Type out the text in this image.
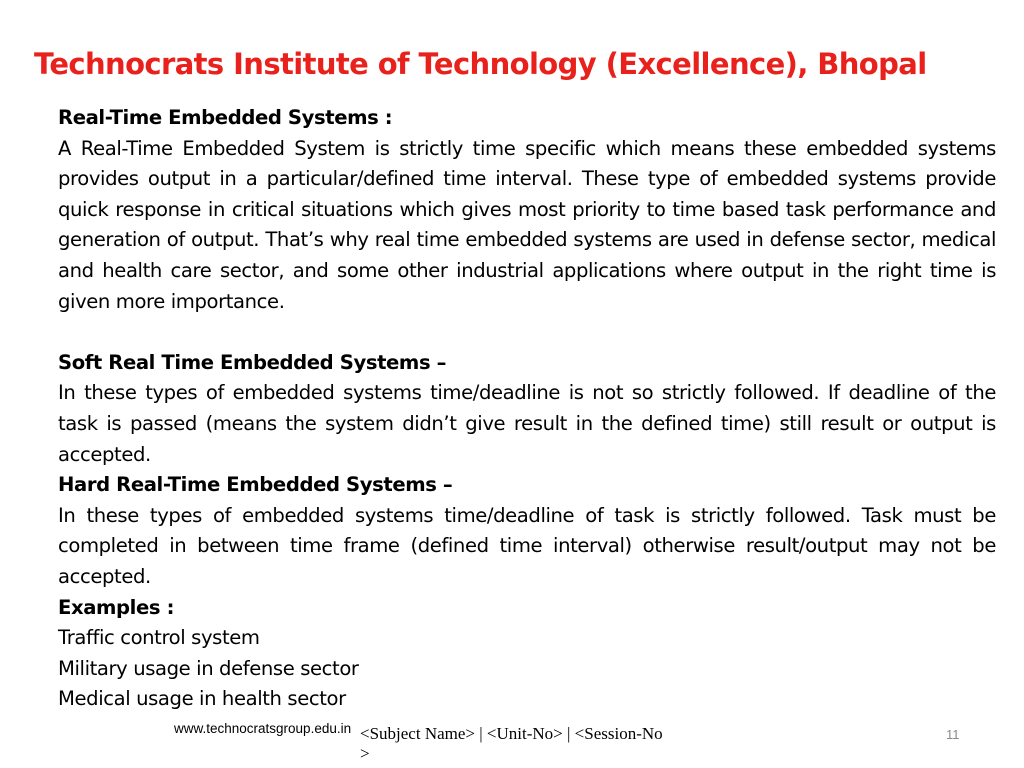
Technocrats Institute of Technology (Excellence), Bhopal

Real-Time Embedded Systems :

A Real-Time Embedded System is strictly time specific which means these embedded systems provides output in a particular/defined time interval. These type of embedded systems provide quick response in critical situations which gives most priority to time based task performance and generation of output. That’s why real time embedded systems are used in defense sector, medical and health care sector, and some other industrial applications where output in the right time is given more importance.

Soft Real Time Embedded Systems –

In these types of embedded systems time/deadline is not so strictly followed. If deadline of the task is passed (means the system didn’t give result in the defined time) still result or output is accepted.

Hard Real-Time Embedded Systems –

In these types of embedded systems time/deadline of task is strictly followed. Task must be completed in between time frame (defined time interval) otherwise result/output may not be accepted.

Examples :

Traffic control system

Military usage in defense sector

Medical usage in health sector

www.technocratsgroup.edu.in <Subject Name> | <Unit-No> | <Session-No>
11
